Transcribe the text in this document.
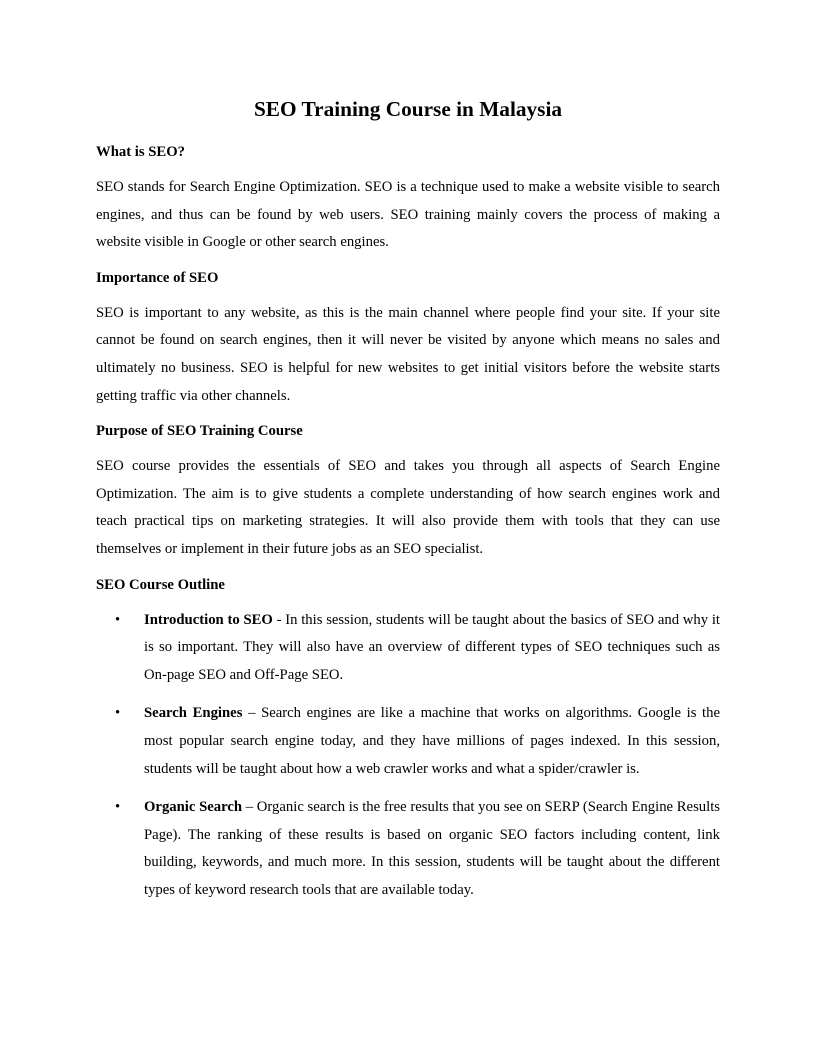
SEO Training Course in Malaysia

What is SEO?

SEO stands for Search Engine Optimization. SEO is a technique used to make a website visible to search engines, and thus can be found by web users. SEO training mainly covers the process of making a website visible in Google or other search engines.

Importance of SEO

SEO is important to any website, as this is the main channel where people find your site. If your site cannot be found on search engines, then it will never be visited by anyone which means no sales and ultimately no business. SEO is helpful for new websites to get initial visitors before the website starts getting traffic via other channels.

Purpose of SEO Training Course

SEO course provides the essentials of SEO and takes you through all aspects of Search Engine Optimization. The aim is to give students a complete understanding of how search engines work and teach practical tips on marketing strategies. It will also provide them with tools that they can use themselves or implement in their future jobs as an SEO specialist.

SEO Course Outline

• Introduction to SEO - In this session, students will be taught about the basics of SEO and why it is so important. They will also have an overview of different types of SEO techniques such as On-page SEO and Off-Page SEO.
• Search Engines – Search engines are like a machine that works on algorithms. Google is the most popular search engine today, and they have millions of pages indexed. In this session, students will be taught about how a web crawler works and what a spider/crawler is.
• Organic Search – Organic search is the free results that you see on SERP (Search Engine Results Page). The ranking of these results is based on organic SEO factors including content, link building, keywords, and much more. In this session, students will be taught about the different types of keyword research tools that are available today.
